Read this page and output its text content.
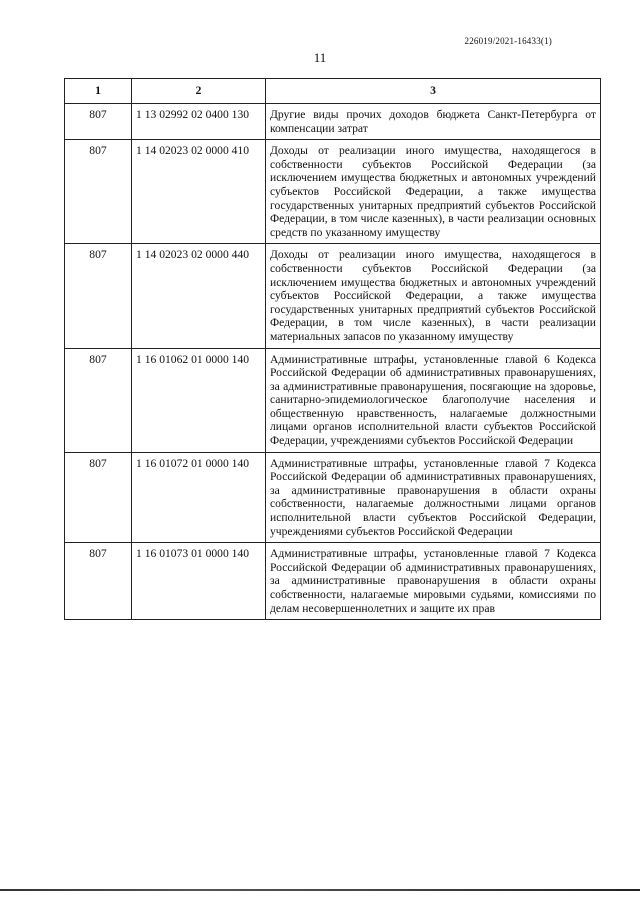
226019/2021-16433(1)
11
1	2	3
807	1 13 02992 02 0400 130	Другие виды прочих доходов бюджета Санкт-Петербурга от компенсации затрат
807	1 14 02023 02 0000 410	Доходы от реализации иного имущества, находящегося в собственности субъектов Российской Федерации (за исключением имущества бюджетных и автономных учреждений субъектов Российской Федерации, а также имущества государственных унитарных предприятий субъектов Российской Федерации, в том числе казенных), в части реализации основных средств по указанному имуществу
807	1 14 02023 02 0000 440	Доходы от реализации иного имущества, находящегося в собственности субъектов Российской Федерации (за исключением имущества бюджетных и автономных учреждений субъектов Российской Федерации, а также имущества государственных унитарных предприятий субъектов Российской Федерации, в том числе казенных), в части реализации материальных запасов по указанному имуществу
807	1 16 01062 01 0000 140	Административные штрафы, установленные главой 6 Кодекса Российской Федерации об административных правонарушениях, за административные правонарушения, посягающие на здоровье, санитарно-эпидемиологическое благополучие населения и общественную нравственность, налагаемые должностными лицами органов исполнительной власти субъектов Российской Федерации, учреждениями субъектов Российской Федерации
807	1 16 01072 01 0000 140	Административные штрафы, установленные главой 7 Кодекса Российской Федерации об административных правонарушениях, за административные правонарушения в области охраны собственности, налагаемые должностными лицами органов исполнительной власти субъектов Российской Федерации, учреждениями субъектов Российской Федерации
807	1 16 01073 01 0000 140	Административные штрафы, установленные главой 7 Кодекса Российской Федерации об административных правонарушениях, за административные правонарушения в области охраны собственности, налагаемые мировыми судьями, комиссиями по делам несовершеннолетних и защите их прав
